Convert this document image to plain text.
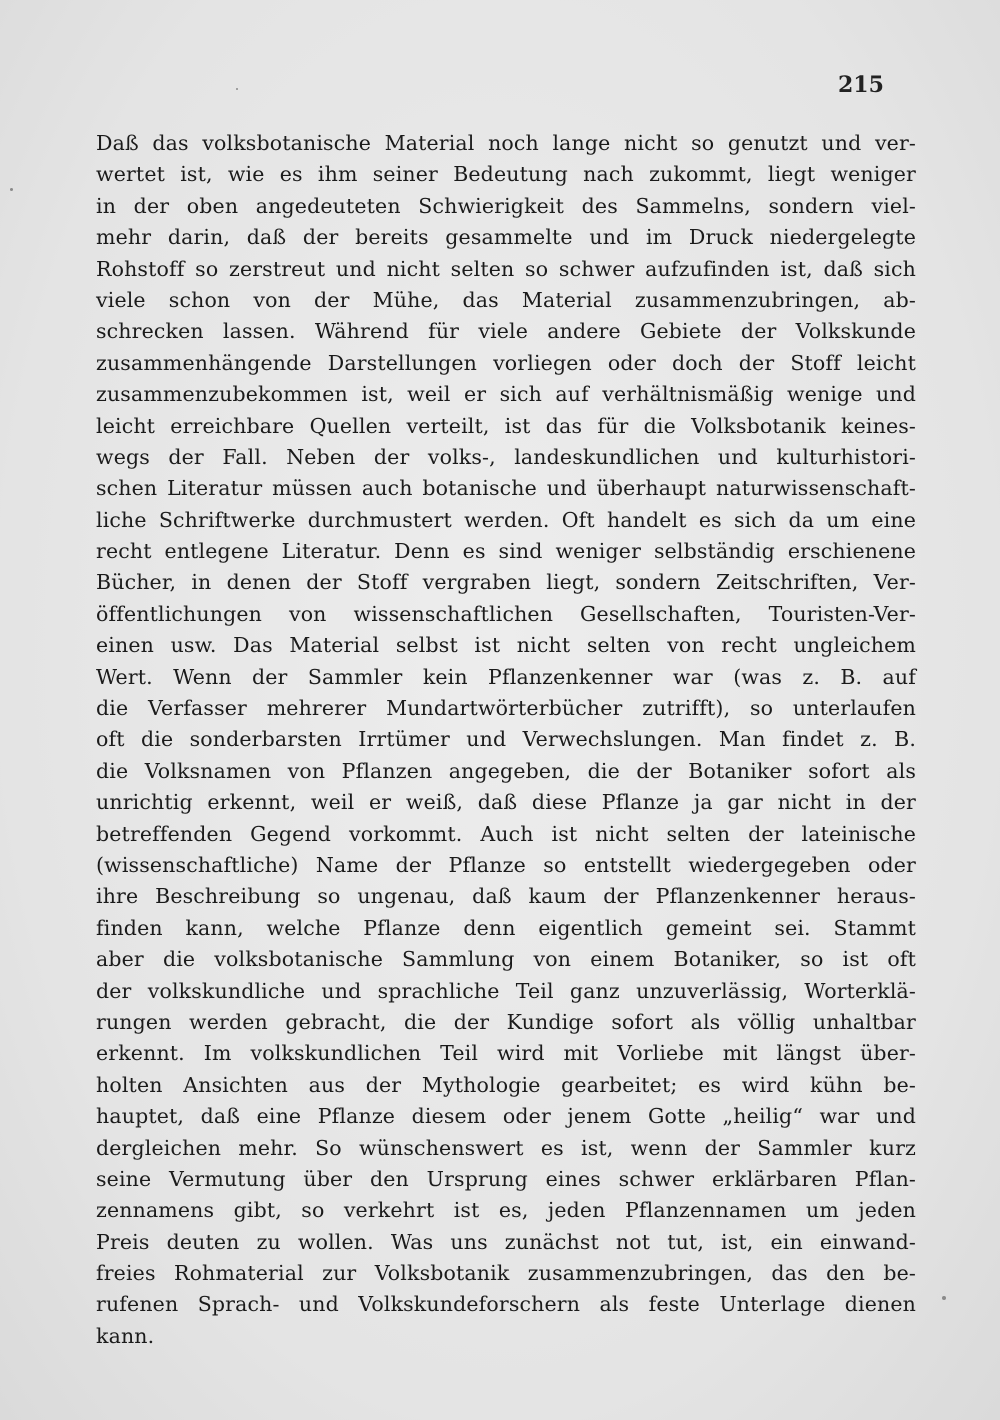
215
Daß das volksbotanische Material noch lange nicht so genutzt und ver-
wertet ist, wie es ihm seiner Bedeutung nach zukommt, liegt weniger
in der oben angedeuteten Schwierigkeit des Sammelns, sondern viel-
mehr darin, daß der bereits gesammelte und im Druck niedergelegte
Rohstoff so zerstreut und nicht selten so schwer aufzufinden ist, daß sich
viele schon von der Mühe, das Material zusammenzubringen, ab-
schrecken lassen. Während für viele andere Gebiete der Volkskunde
zusammenhängende Darstellungen vorliegen oder doch der Stoff leicht
zusammenzubekommen ist, weil er sich auf verhältnismäßig wenige und
leicht erreichbare Quellen verteilt, ist das für die Volksbotanik keines-
wegs der Fall. Neben der volks-, landeskundlichen und kulturhistori-
schen Literatur müssen auch botanische und überhaupt naturwissenschaft-
liche Schriftwerke durchmustert werden. Oft handelt es sich da um eine
recht entlegene Literatur. Denn es sind weniger selbständig erschienene
Bücher, in denen der Stoff vergraben liegt, sondern Zeitschriften, Ver-
öffentlichungen von wissenschaftlichen Gesellschaften, Touristen-Ver-
einen usw. Das Material selbst ist nicht selten von recht ungleichem
Wert. Wenn der Sammler kein Pflanzenkenner war (was z. B. auf
die Verfasser mehrerer Mundartwörterbücher zutrifft), so unterlaufen
oft die sonderbarsten Irrtümer und Verwechslungen. Man findet z. B.
die Volksnamen von Pflanzen angegeben, die der Botaniker sofort als
unrichtig erkennt, weil er weiß, daß diese Pflanze ja gar nicht in der
betreffenden Gegend vorkommt. Auch ist nicht selten der lateinische
(wissenschaftliche) Name der Pflanze so entstellt wiedergegeben oder
ihre Beschreibung so ungenau, daß kaum der Pflanzenkenner heraus-
finden kann, welche Pflanze denn eigentlich gemeint sei. Stammt
aber die volksbotanische Sammlung von einem Botaniker, so ist oft
der volkskundliche und sprachliche Teil ganz unzuverlässig, Worterklä-
rungen werden gebracht, die der Kundige sofort als völlig unhaltbar
erkennt. Im volkskundlichen Teil wird mit Vorliebe mit längst über-
holten Ansichten aus der Mythologie gearbeitet; es wird kühn be-
hauptet, daß eine Pflanze diesem oder jenem Gotte „heilig“ war und
dergleichen mehr. So wünschenswert es ist, wenn der Sammler kurz
seine Vermutung über den Ursprung eines schwer erklärbaren Pflan-
zennamens gibt, so verkehrt ist es, jeden Pflanzennamen um jeden
Preis deuten zu wollen. Was uns zunächst not tut, ist, ein einwand-
freies Rohmaterial zur Volksbotanik zusammenzubringen, das den be-
rufenen Sprach- und Volkskundeforschern als feste Unterlage dienen
kann.
